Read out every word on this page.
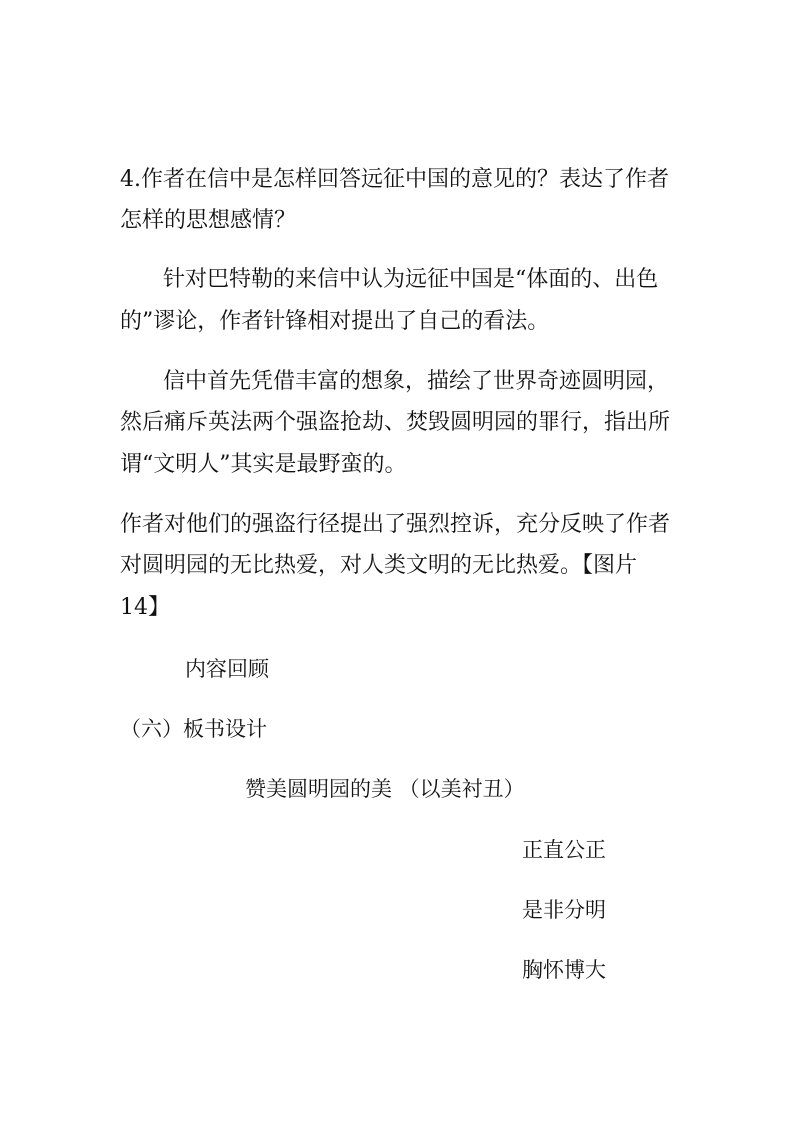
4.作者在信中是怎样回答远征中国的意见的？表达了作者
怎样的思想感情？
针对巴特勒的来信中认为远征中国是“体面的、出色
的”谬论，作者针锋相对提出了自己的看法。
信中首先凭借丰富的想象，描绘了世界奇迹圆明园，
然后痛斥英法两个强盗抢劫、焚毁圆明园的罪行，指出所
谓“文明人”其实是最野蛮的。
作者对他们的强盗行径提出了强烈控诉，充分反映了作者
对圆明园的无比热爱，对人类文明的无比热爱。【图片
14】
内容回顾
（六）板书设计
赞美圆明园的美 （以美衬丑）
正直公正
是非分明
胸怀博大
